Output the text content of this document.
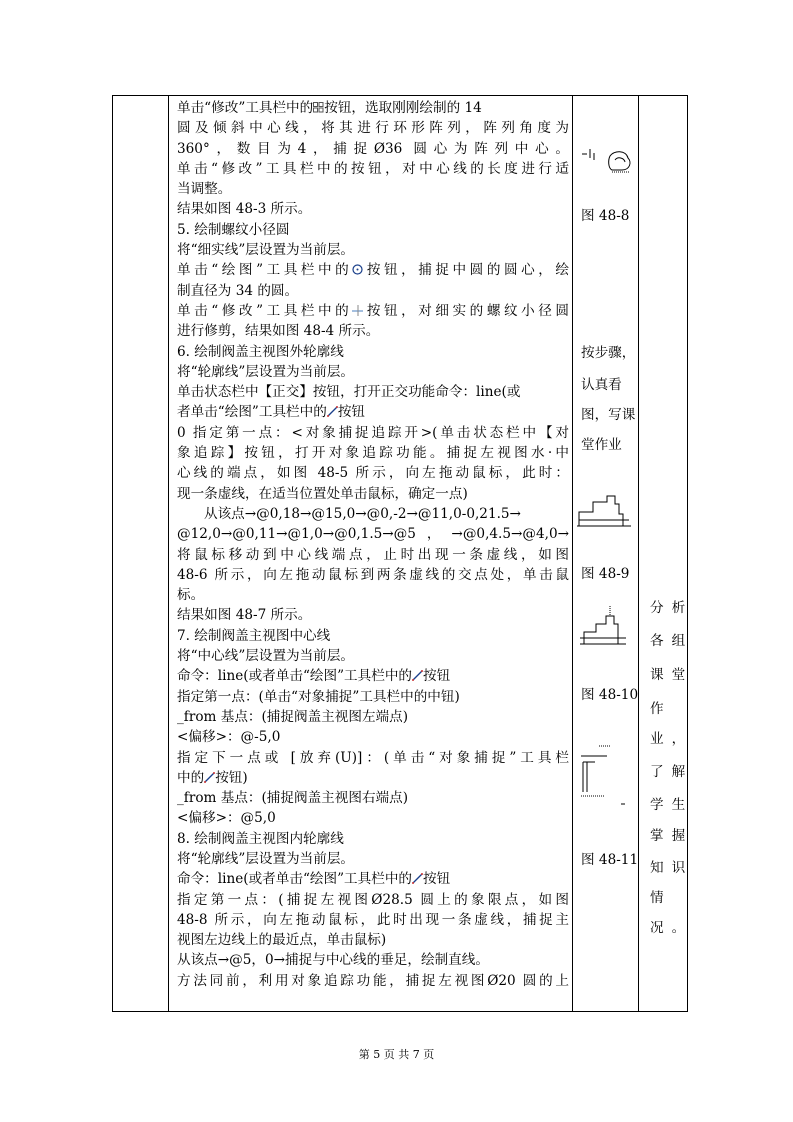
单击“修改”工具栏中的 按钮，选取刚刚绘制的 14
圆及倾斜中心线，将其进行环形阵列，阵列角度为
360°，数目为4，捕捉Ø36 圆心为阵列中心。
单击“修改”工具栏中的按钮，对中心线的长度进行适
当调整。
结果如图 48-3 所示。
5. 绘制螺纹小径圆
将“细实线”层设置为当前层。
单击“绘图”工具栏中的 按钮，捕捉中圆的圆心，绘
制直径为 34 的圆。
单击“修改”工具栏中的 按钮，对细实的螺纹小径圆
进行修剪，结果如图 48-4 所示。
6. 绘制阀盖主视图外轮廓线
将“轮廓线”层设置为当前层。
单击状态栏中【正交】按钮，打开正交功能命令：line(或
者单击“绘图”工具栏中的 按钮
0 指定第一点：<对象捕捉追踪开>(单击状态栏中【对
象追踪】按钮，打开对象追踪功能。捕捉左视图水·中
心线的端点，如图 48-5 所示，向左拖动鼠标，此时：
现一条虚线，在适当位置处单击鼠标，确定一点)
从该点→@0,18→@15,0→@0,-2→@11,0-0,21.5→
@12,0→@0,11→@1,0→@0,1.5→@5，→@0,4.5→@4,0→
将鼠标移动到中心线端点，止时出现一条虚线，如图
48-6 所示，向左拖动鼠标到两条虚线的交点处，单击鼠
标。
结果如图 48-7 所示。
7. 绘制阀盖主视图中心线
将“中心线”层设置为当前层。
命令：line(或者单击“绘图”工具栏中的 按钮
指定第一点：(单击“对象捕捉”工具栏中的中钮)
_from 基点：(捕捉阀盖主视图左端点)
<偏移>：@-5,0
指定下一点或 [放弃(U)]：(单击“对象捕捉”工具栏
中的 按钮)
_from 基点：(捕捉阀盖主视图右端点)
<偏移>：@5,0
8. 绘制阀盖主视图内轮廓线
将“轮廓线”层设置为当前层。
命令：line(或者单击“绘图”工具栏中的 按钮
指定第一点：(捕捉左视图Ø28.5 圆上的象限点，如图
48-8 所示，向左拖动鼠标，此时出现一条虚线，捕捉主
视图左边线上的最近点，单击鼠标)
从该点→@5，0→捕捉与中心线的垂足，绘制直线。
方法同前，利用对象追踪功能，捕捉左视图Ø20 圆的上
图 48-8
按步骤，
认真看
图，写课
堂作业
图 48-9
图 48-10
图 48-11
分析
各组
课堂
作
业，
了解
学生
掌握
知识
情
况。
第 5 页 共 7 页
